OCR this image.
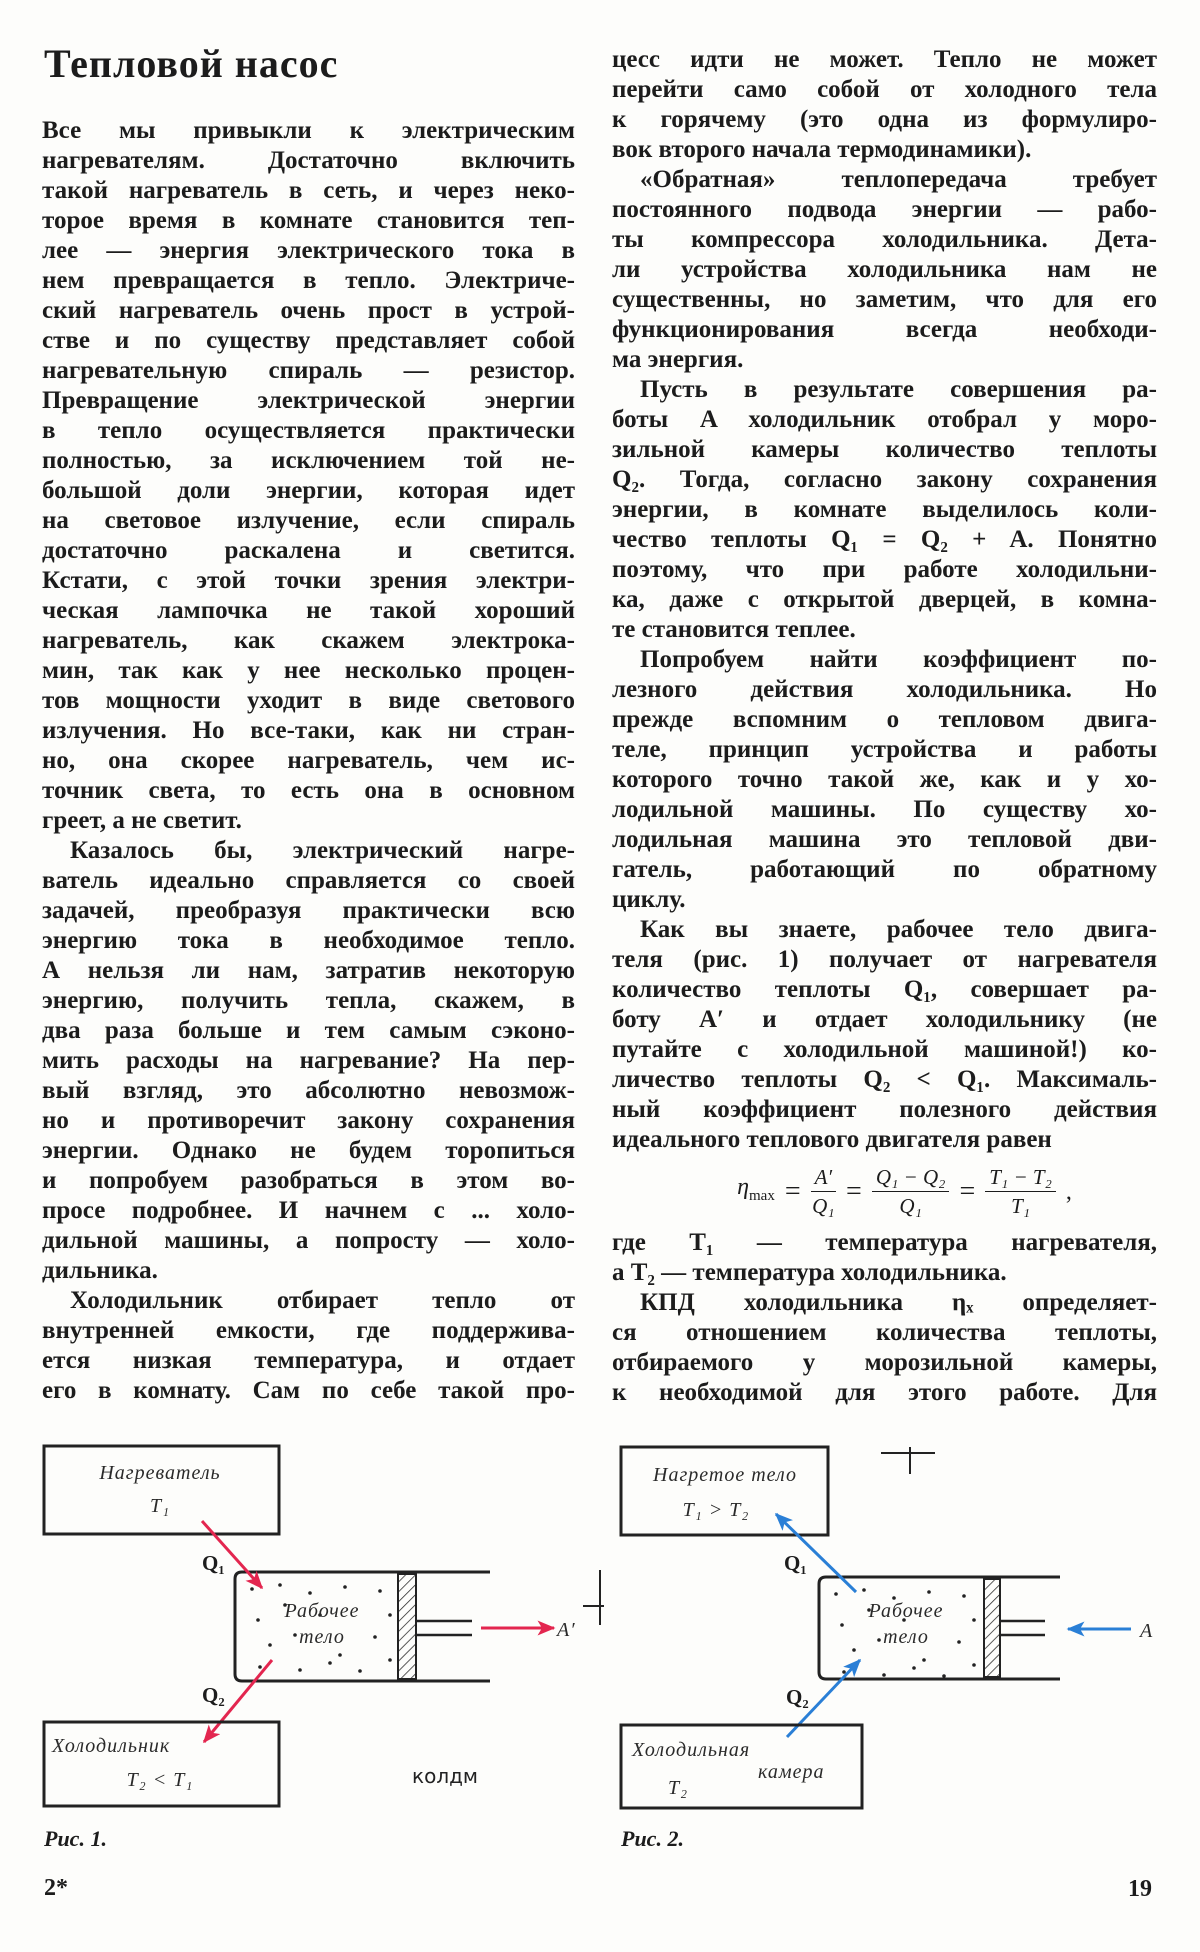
Тепловой насос
Все мы привыкли к электрическим
нагревателям. Достаточно включить
такой нагреватель в сеть, и через неко-
торое время в комнате становится теп-
лее — энергия электрического тока в
нем превращается в тепло. Электриче-
ский нагреватель очень прост в устрой-
стве и по существу представляет собой
нагревательную спираль — резистор.
Превращение электрической энергии
в тепло осуществляется практически
полностью, за исключением той не-
большой доли энергии, которая идет
на световое излучение, если спираль
достаточно раскалена и светится.
Кстати, с этой точки зрения электри-
ческая лампочка не такой хороший
нагреватель, как скажем электрока-
мин, так как у нее несколько процен-
тов мощности уходит в виде светового
излучения. Но все-таки, как ни стран-
но, она скорее нагреватель, чем ис-
точник света, то есть она в основном
греет, а не светит.
Казалось бы, электрический нагре-
ватель идеально справляется со своей
задачей, преобразуя практически всю
энергию тока в необходимое тепло.
А нельзя ли нам, затратив некоторую
энергию, получить тепла, скажем, в
два раза больше и тем самым сэконо-
мить расходы на нагревание? На пер-
вый взгляд, это абсолютно невозмож-
но и противоречит закону сохранения
энергии. Однако не будем торопиться
и попробуем разобраться в этом во-
просе подробнее. И начнем с ... холо-
дильной машины, а попросту — холо-
дильника.
Холодильник отбирает тепло от
внутренней емкости, где поддержива-
ется низкая температура, и отдает
его в комнату. Сам по себе такой про-
цесс идти не может. Тепло не может
перейти само собой от холодного тела
к горячему (это одна из формулиро-
вок второго начала термодинамики).
«Обратная» теплопередача требует
постоянного подвода энергии — рабо-
ты компрессора холодильника. Дета-
ли устройства холодильника нам не
существенны, но заметим, что для его
функционирования всегда необходи-
ма энергия.
Пусть в результате совершения ра-
боты A холодильник отобрал у моро-
зильной камеры количество теплоты
Q₂. Тогда, согласно закону сохранения
энергии, в комнате выделилось коли-
чество теплоты Q₁ = Q₂ + A. Понятно
поэтому, что при работе холодильни-
ка, даже с открытой дверцей, в комна-
те становится теплее.
Попробуем найти коэффициент по-
лезного действия холодильника. Но
прежде вспомним о тепловом двига-
теле, принцип устройства и работы
которого точно такой же, как и у хо-
лодильной машины. По существу хо-
лодильная машина это тепловой дви-
гатель, работающий по обратному
циклу.
Как вы знаете, рабочее тело двига-
теля (рис. 1) получает от нагревателя
количество теплоты Q₁, совершает ра-
боту A′ и отдает холодильнику (не
путайте с холодильной машиной!) ко-
личество теплоты Q₂ < Q₁. Максималь-
ный коэффициент полезного действия
идеального теплового двигателя равен
$\eta_{max} = \frac{A'}{\text{Q₁}} = \frac{\text{Q₁ − Q₂}}{\text{Q₁}} = \frac{\text{T₁ − T₂}}{\text{T₁}}$ ,
где T₁ — температура нагревателя,
а T₂ — температура холодильника.
КПД холодильника ηₓ определяет-
ся отношением количества теплоты,
отбираемого у морозильной камеры,
к необходимой для этого работе. Для
Нагреватель
T₁
Рабочее
тело
Q₁
Q₂
A′
Холодильник
T₂ < T₁	колдм
Нагретое тело
T₁ > T₂
Рабочее
тело
Q₁
Q₂
A
Холодильная
камера
T₂
Рис. 1.	Рис. 2.
2*	19
